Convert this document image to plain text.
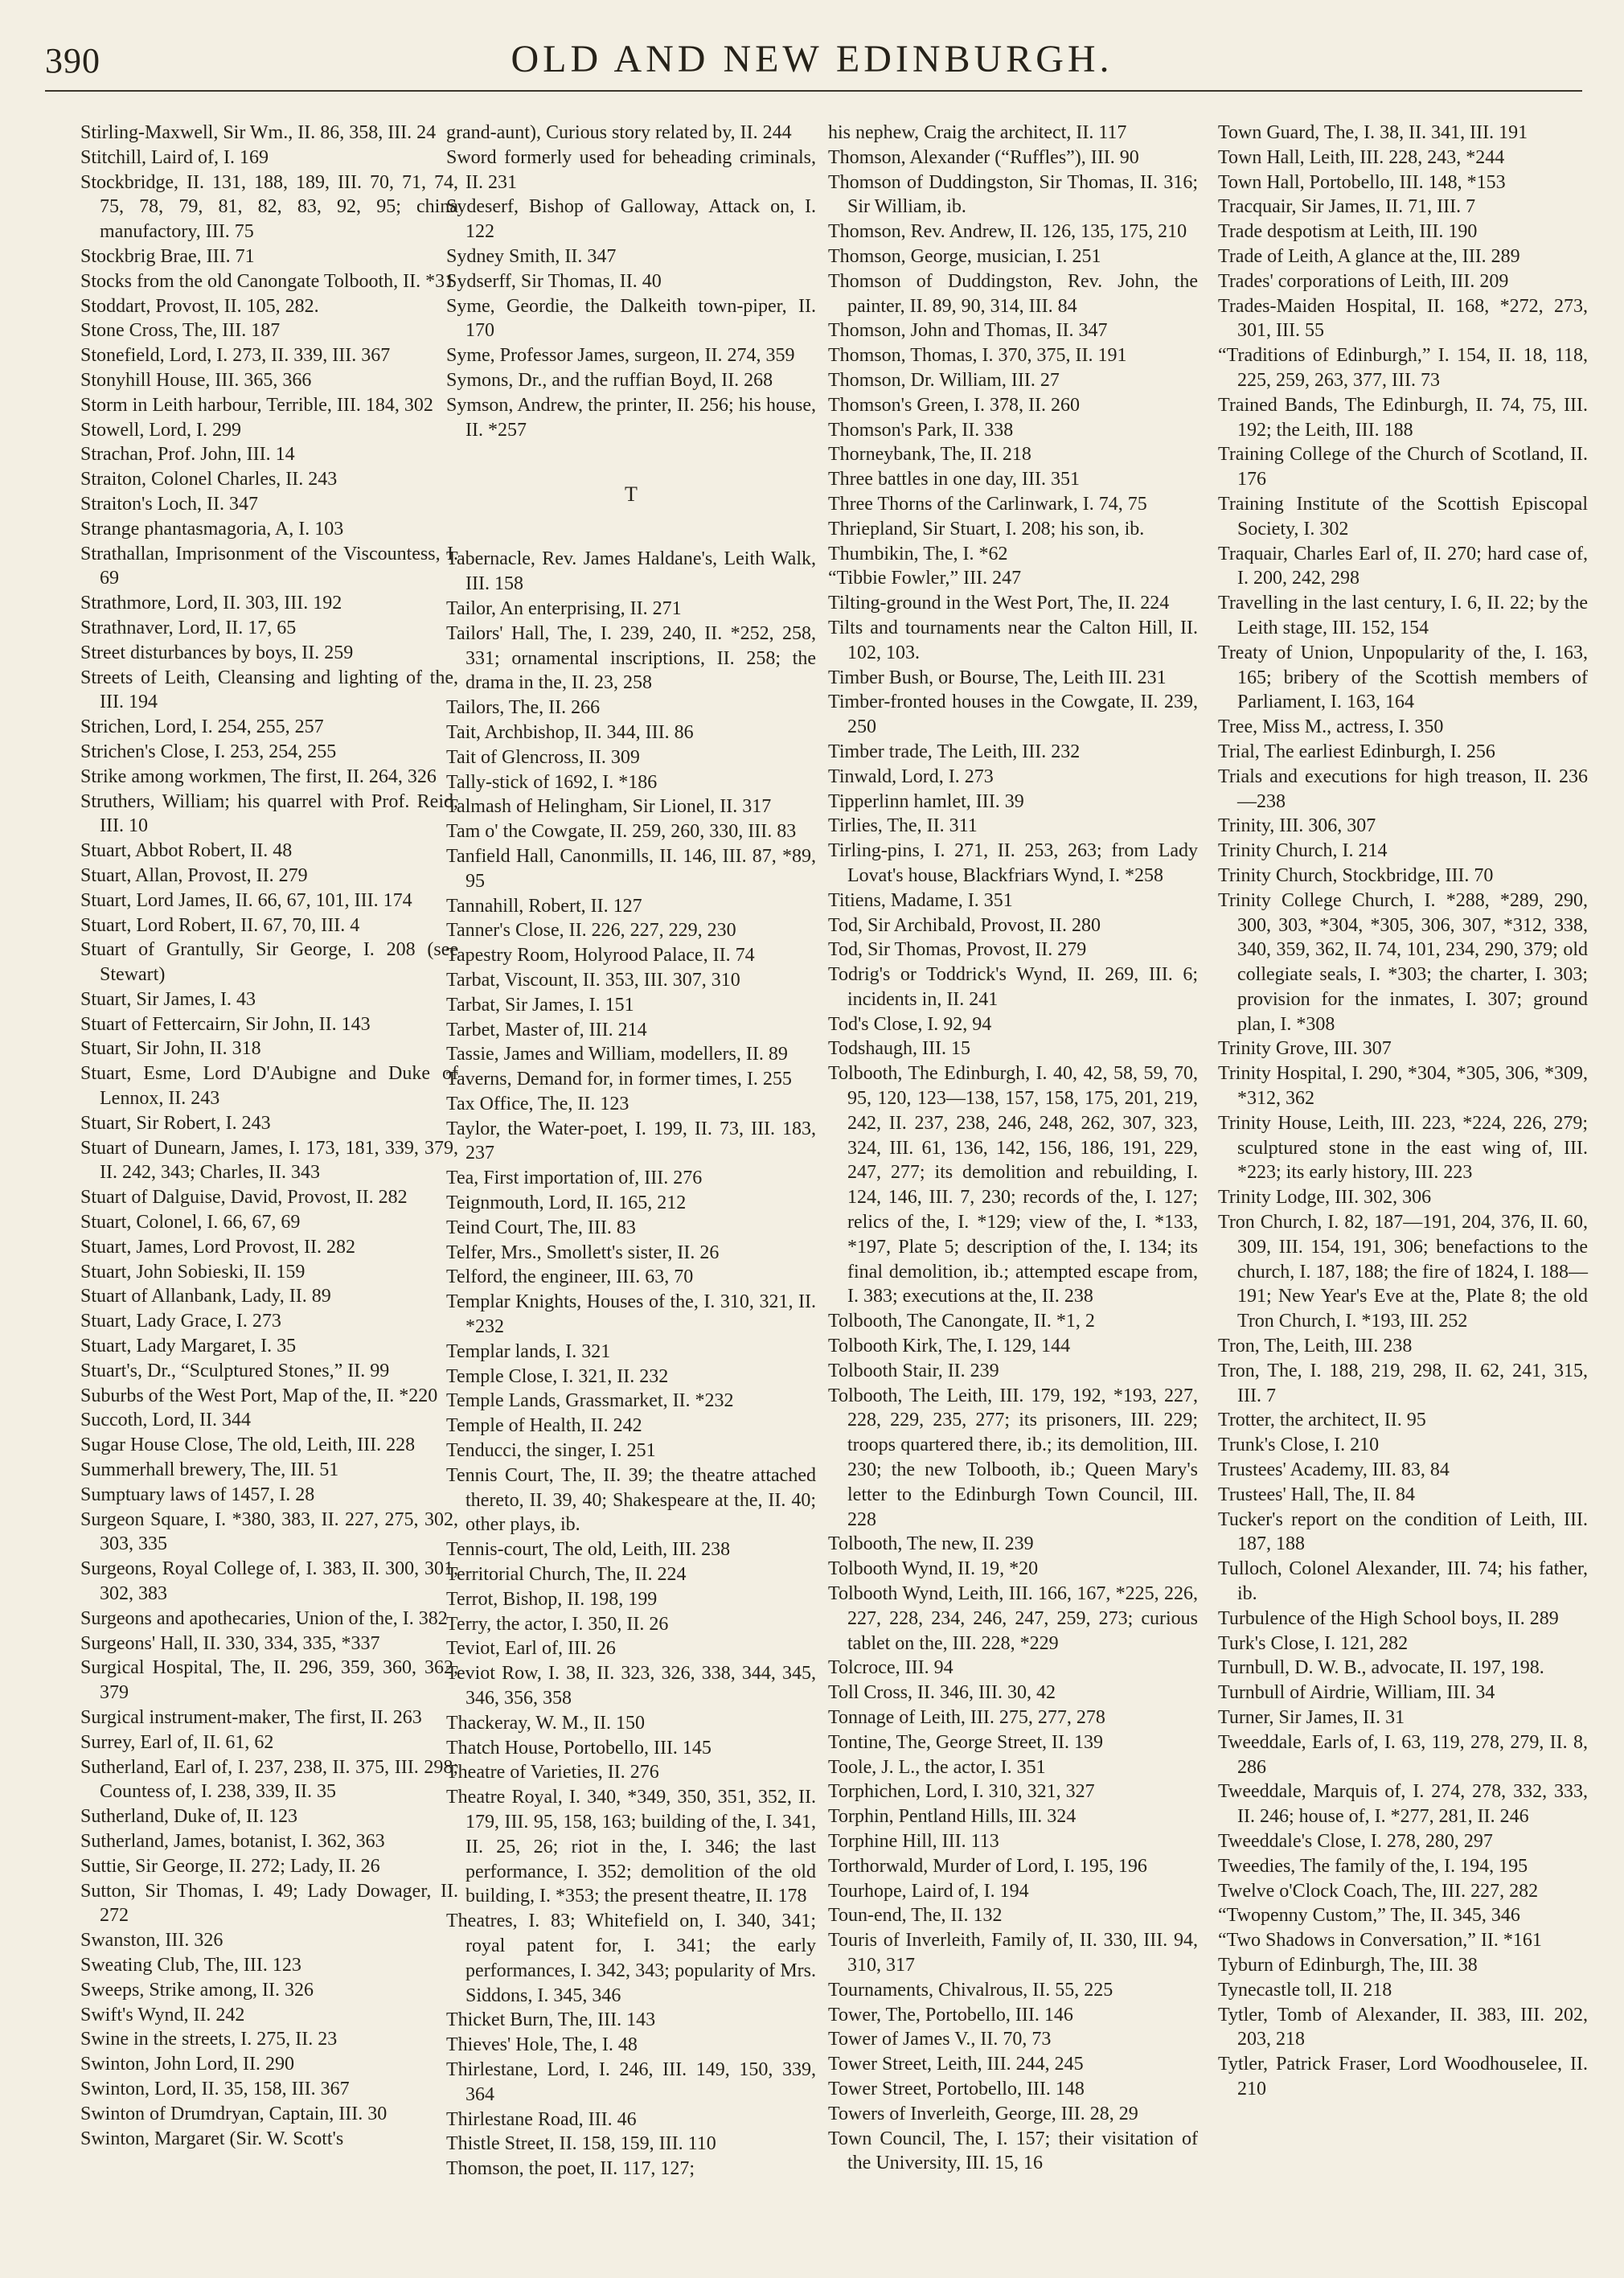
390	OLD AND NEW EDINBURGH.
Stirling-Maxwell, Sir Wm., II. 86, 358, III. 24
Stitchill, Laird of, I. 169
Stockbridge, II. 131, 188, 189, III. 70, 71, 74, 75, 78, 79, 81, 82, 83, 92, 95; china manufactory, III. 75
Stockbrig Brae, III. 71
Stocks from the old Canongate Tolbooth, II. *31
Stoddart, Provost, II. 105, 282.
Stone Cross, The, III. 187
Stonefield, Lord, I. 273, II. 339, III. 367
Stonyhill House, III. 365, 366
Storm in Leith harbour, Terrible, III. 184, 302
Stowell, Lord, I. 299
Strachan, Prof. John, III. 14
Straiton, Colonel Charles, II. 243
Straiton's Loch, II. 347
Strange phantasmagoria, A, I. 103
Strathallan, Imprisonment of the Viscountess, I. 69
Strathmore, Lord, II. 303, III. 192
Strathnaver, Lord, II. 17, 65
Street disturbances by boys, II. 259
Streets of Leith, Cleansing and lighting of the, III. 194
Strichen, Lord, I. 254, 255, 257
Strichen's Close, I. 253, 254, 255
Strike among workmen, The first, II. 264, 326
Struthers, William; his quarrel with Prof. Reid, III. 10
Stuart, Abbot Robert, II. 48
Stuart, Allan, Provost, II. 279
Stuart, Lord James, II. 66, 67, 101, III. 174
Stuart, Lord Robert, II. 67, 70, III. 4
Stuart of Grantully, Sir George, I. 208 (see Stewart)
Stuart, Sir James, I. 43
Stuart of Fettercairn, Sir John, II. 143
Stuart, Sir John, II. 318
Stuart, Esme, Lord D'Aubigne and Duke of Lennox, II. 243
Stuart, Sir Robert, I. 243
Stuart of Dunearn, James, I. 173, 181, 339, 379, II. 242, 343; Charles, II. 343
Stuart of Dalguise, David, Provost, II. 282
Stuart, Colonel, I. 66, 67, 69
Stuart, James, Lord Provost, II. 282
Stuart, John Sobieski, II. 159
Stuart of Allanbank, Lady, II. 89
Stuart, Lady Grace, I. 273
Stuart, Lady Margaret, I. 35
Stuart's, Dr., “Sculptured Stones,” II. 99
Suburbs of the West Port, Map of the, II. *220
Succoth, Lord, II. 344
Sugar House Close, The old, Leith, III. 228
Summerhall brewery, The, III. 51
Sumptuary laws of 1457, I. 28
Surgeon Square, I. *380, 383, II. 227, 275, 302, 303, 335
Surgeons, Royal College of, I. 383, II. 300, 301, 302, 383
Surgeons and apothecaries, Union of the, I. 382
Surgeons' Hall, II. 330, 334, 335, *337
Surgical Hospital, The, II. 296, 359, 360, 362, 379
Surgical instrument-maker, The first, II. 263
Surrey, Earl of, II. 61, 62
Sutherland, Earl of, I. 237, 238, II. 375, III. 298; Countess of, I. 238, 339, II. 35
Sutherland, Duke of, II. 123
Sutherland, James, botanist, I. 362, 363
Suttie, Sir George, II. 272; Lady, II. 26
Sutton, Sir Thomas, I. 49; Lady Dowager, II. 272
Swanston, III. 326
Sweating Club, The, III. 123
Sweeps, Strike among, II. 326
Swift's Wynd, II. 242
Swine in the streets, I. 275, II. 23
Swinton, John Lord, II. 290
Swinton, Lord, II. 35, 158, III. 367
Swinton of Drumdryan, Captain, III. 30
Swinton, Margaret (Sir. W. Scott's
grand-aunt), Curious story related by, II. 244
Sword formerly used for beheading criminals, II. 231
Sydeserf, Bishop of Galloway, Attack on, I. 122
Sydney Smith, II. 347
Sydserff, Sir Thomas, II. 40
Syme, Geordie, the Dalkeith town-piper, II. 170
Syme, Professor James, surgeon, II. 274, 359
Symons, Dr., and the ruffian Boyd, II. 268
Symson, Andrew, the printer, II. 256; his house, II. *257
T
Tabernacle, Rev. James Haldane's, Leith Walk, III. 158
Tailor, An enterprising, II. 271
Tailors' Hall, The, I. 239, 240, II. *252, 258, 331; ornamental inscriptions, II. 258; the drama in the, II. 23, 258
Tailors, The, II. 266
Tait, Archbishop, II. 344, III. 86
Tait of Glencross, II. 309
Tally-stick of 1692, I. *186
Talmash of Helingham, Sir Lionel, II. 317
Tam o' the Cowgate, II. 259, 260, 330, III. 83
Tanfield Hall, Canonmills, II. 146, III. 87, *89, 95
Tannahill, Robert, II. 127
Tanner's Close, II. 226, 227, 229, 230
Tapestry Room, Holyrood Palace, II. 74
Tarbat, Viscount, II. 353, III. 307, 310
Tarbat, Sir James, I. 151
Tarbet, Master of, III. 214
Tassie, James and William, modellers, II. 89
Taverns, Demand for, in former times, I. 255
Tax Office, The, II. 123
Taylor, the Water-poet, I. 199, II. 73, III. 183, 237
Tea, First importation of, III. 276
Teignmouth, Lord, II. 165, 212
Teind Court, The, III. 83
Telfer, Mrs., Smollett's sister, II. 26
Telford, the engineer, III. 63, 70
Templar Knights, Houses of the, I. 310, 321, II. *232
Templar lands, I. 321
Temple Close, I. 321, II. 232
Temple Lands, Grassmarket, II. *232
Temple of Health, II. 242
Tenducci, the singer, I. 251
Tennis Court, The, II. 39; the theatre attached thereto, II. 39, 40; Shakespeare at the, II. 40; other plays, ib.
Tennis-court, The old, Leith, III. 238
Territorial Church, The, II. 224
Terrot, Bishop, II. 198, 199
Terry, the actor, I. 350, II. 26
Teviot, Earl of, III. 26
Teviot Row, I. 38, II. 323, 326, 338, 344, 345, 346, 356, 358
Thackeray, W. M., II. 150
Thatch House, Portobello, III. 145
Theatre of Varieties, II. 276
Theatre Royal, I. 340, *349, 350, 351, 352, II. 179, III. 95, 158, 163; building of the, I. 341, II. 25, 26; riot in the, I. 346; the last performance, I. 352; demolition of the old building, I. *353; the present theatre, II. 178
Theatres, I. 83; Whitefield on, I. 340, 341; royal patent for, I. 341; the early performances, I. 342, 343; popularity of Mrs. Siddons, I. 345, 346
Thicket Burn, The, III. 143
Thieves' Hole, The, I. 48
Thirlestane, Lord, I. 246, III. 149, 150, 339, 364
Thirlestane Road, III. 46
Thistle Street, II. 158, 159, III. 110
Thomson, the poet, II. 117, 127;
his nephew, Craig the architect, II. 117
Thomson, Alexander (“Ruffles”), III. 90
Thomson of Duddingston, Sir Thomas, II. 316; Sir William, ib.
Thomson, Rev. Andrew, II. 126, 135, 175, 210
Thomson, George, musician, I. 251
Thomson of Duddingston, Rev. John, the painter, II. 89, 90, 314, III. 84
Thomson, John and Thomas, II. 347
Thomson, Thomas, I. 370, 375, II. 191
Thomson, Dr. William, III. 27
Thomson's Green, I. 378, II. 260
Thomson's Park, II. 338
Thorneybank, The, II. 218
Three battles in one day, III. 351
Three Thorns of the Carlinwark, I. 74, 75
Thriepland, Sir Stuart, I. 208; his son, ib.
Thumbikin, The, I. *62
“Tibbie Fowler,” III. 247
Tilting-ground in the West Port, The, II. 224
Tilts and tournaments near the Calton Hill, II. 102, 103.
Timber Bush, or Bourse, The, Leith III. 231
Timber-fronted houses in the Cowgate, II. 239, 250
Timber trade, The Leith, III. 232
Tinwald, Lord, I. 273
Tipperlinn hamlet, III. 39
Tirlies, The, II. 311
Tirling-pins, I. 271, II. 253, 263; from Lady Lovat's house, Blackfriars Wynd, I. *258
Titiens, Madame, I. 351
Tod, Sir Archibald, Provost, II. 280
Tod, Sir Thomas, Provost, II. 279
Todrig's or Toddrick's Wynd, II. 269, III. 6; incidents in, II. 241
Tod's Close, I. 92, 94
Todshaugh, III. 15
Tolbooth, The Edinburgh, I. 40, 42, 58, 59, 70, 95, 120, 123—138, 157, 158, 175, 201, 219, 242, II. 237, 238, 246, 248, 262, 307, 323, 324, III. 61, 136, 142, 156, 186, 191, 229, 247, 277; its demolition and rebuilding, I. 124, 146, III. 7, 230; records of the, I. 127; relics of the, I. *129; view of the, I. *133, *197, Plate 5; description of the, I. 134; its final demolition, ib.; attempted escape from, I. 383; executions at the, II. 238
Tolbooth, The Canongate, II. *1, 2
Tolbooth Kirk, The, I. 129, 144
Tolbooth Stair, II. 239
Tolbooth, The Leith, III. 179, 192, *193, 227, 228, 229, 235, 277; its prisoners, III. 229; troops quartered there, ib.; its demolition, III. 230; the new Tolbooth, ib.; Queen Mary's letter to the Edinburgh Town Council, III. 228
Tolbooth, The new, II. 239
Tolbooth Wynd, II. 19, *20
Tolbooth Wynd, Leith, III. 166, 167, *225, 226, 227, 228, 234, 246, 247, 259, 273; curious tablet on the, III. 228, *229
Tolcroce, III. 94
Toll Cross, II. 346, III. 30, 42
Tonnage of Leith, III. 275, 277, 278
Tontine, The, George Street, II. 139
Toole, J. L., the actor, I. 351
Torphichen, Lord, I. 310, 321, 327
Torphin, Pentland Hills, III. 324
Torphine Hill, III. 113
Torthorwald, Murder of Lord, I. 195, 196
Tourhope, Laird of, I. 194
Toun-end, The, II. 132
Touris of Inverleith, Family of, II. 330, III. 94, 310, 317
Tournaments, Chivalrous, II. 55, 225
Tower, The, Portobello, III. 146
Tower of James V., II. 70, 73
Tower Street, Leith, III. 244, 245
Tower Street, Portobello, III. 148
Towers of Inverleith, George, III. 28, 29
Town Council, The, I. 157; their visitation of the University, III. 15, 16
Town Guard, The, I. 38, II. 341, III. 191
Town Hall, Leith, III. 228, 243, *244
Town Hall, Portobello, III. 148, *153
Tracquair, Sir James, II. 71, III. 7
Trade despotism at Leith, III. 190
Trade of Leith, A glance at the, III. 289
Trades' corporations of Leith, III. 209
Trades-Maiden Hospital, II. 168, *272, 273, 301, III. 55
“Traditions of Edinburgh,” I. 154, II. 18, 118, 225, 259, 263, 377, III. 73
Trained Bands, The Edinburgh, II. 74, 75, III. 192; the Leith, III. 188
Training College of the Church of Scotland, II. 176
Training Institute of the Scottish Episcopal Society, I. 302
Traquair, Charles Earl of, II. 270; hard case of, I. 200, 242, 298
Travelling in the last century, I. 6, II. 22; by the Leith stage, III. 152, 154
Treaty of Union, Unpopularity of the, I. 163, 165; bribery of the Scottish members of Parliament, I. 163, 164
Tree, Miss M., actress, I. 350
Trial, The earliest Edinburgh, I. 256
Trials and executions for high treason, II. 236—238
Trinity, III. 306, 307
Trinity Church, I. 214
Trinity Church, Stockbridge, III. 70
Trinity College Church, I. *288, *289, 290, 300, 303, *304, *305, 306, 307, *312, 338, 340, 359, 362, II. 74, 101, 234, 290, 379; old collegiate seals, I. *303; the charter, I. 303; provision for the inmates, I. 307; ground plan, I. *308
Trinity Grove, III. 307
Trinity Hospital, I. 290, *304, *305, 306, *309, *312, 362
Trinity House, Leith, III. 223, *224, 226, 279; sculptured stone in the east wing of, III. *223; its early history, III. 223
Trinity Lodge, III. 302, 306
Tron Church, I. 82, 187—191, 204, 376, II. 60, 309, III. 154, 191, 306; benefactions to the church, I. 187, 188; the fire of 1824, I. 188—191; New Year's Eve at the, Plate 8; the old Tron Church, I. *193, III. 252
Tron, The, Leith, III. 238
Tron, The, I. 188, 219, 298, II. 62, 241, 315, III. 7
Trotter, the architect, II. 95
Trunk's Close, I. 210
Trustees' Academy, III. 83, 84
Trustees' Hall, The, II. 84
Tucker's report on the condition of Leith, III. 187, 188
Tulloch, Colonel Alexander, III. 74; his father, ib.
Turbulence of the High School boys, II. 289
Turk's Close, I. 121, 282
Turnbull, D. W. B., advocate, II. 197, 198.
Turnbull of Airdrie, William, III. 34
Turner, Sir James, II. 31
Tweeddale, Earls of, I. 63, 119, 278, 279, II. 8, 286
Tweeddale, Marquis of, I. 274, 278, 332, 333, II. 246; house of, I. *277, 281, II. 246
Tweeddale's Close, I. 278, 280, 297
Tweedies, The family of the, I. 194, 195
Twelve o'Clock Coach, The, III. 227, 282
“Twopenny Custom,” The, II. 345, 346
“Two Shadows in Conversation,” II. *161
Tyburn of Edinburgh, The, III. 38
Tynecastle toll, II. 218
Tytler, Tomb of Alexander, II. 383, III. 202, 203, 218
Tytler, Patrick Fraser, Lord Woodhouselee, II. 210
